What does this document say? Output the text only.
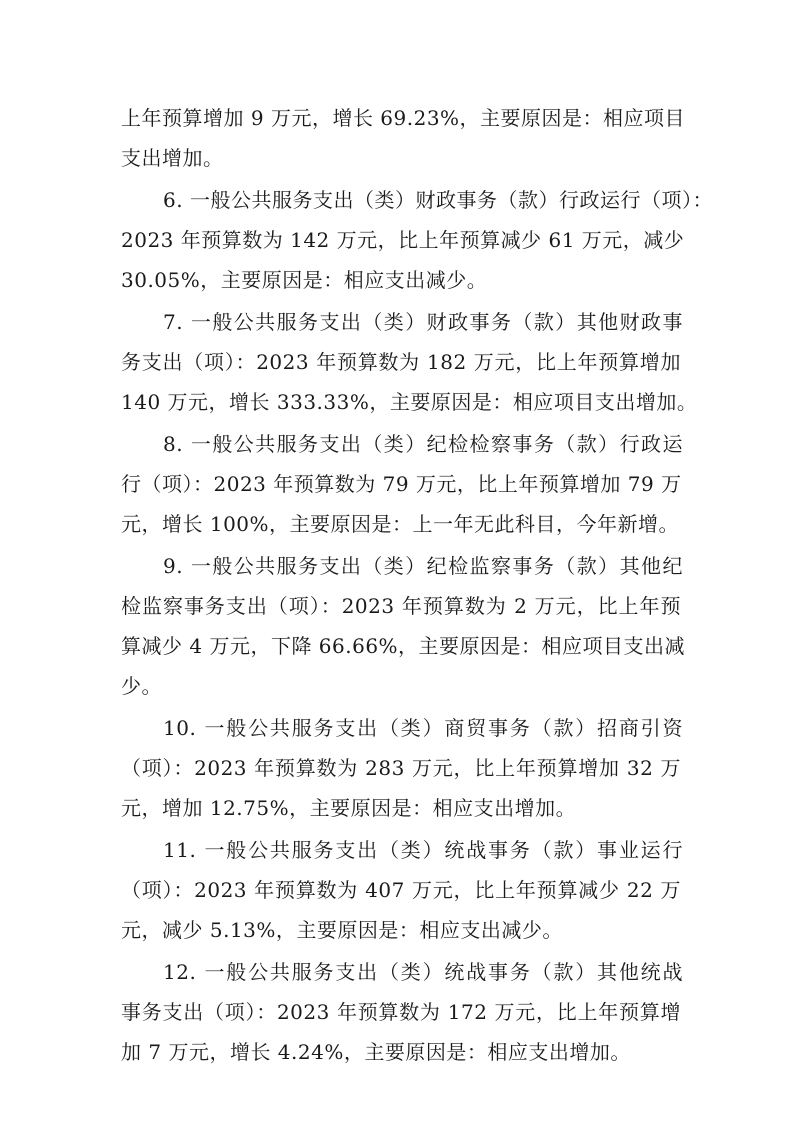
上年预算增加 9 万元，增长 69.23%，主要原因是：相应项目
支出增加。
6. 一般公共服务支出（类）财政事务（款）行政运行（项）：
2023 年预算数为 142 万元，比上年预算减少 61 万元，减少
30.05%，主要原因是：相应支出减少。
7. 一般公共服务支出（类）财政事务（款）其他财政事
务支出（项）：2023 年预算数为 182 万元，比上年预算增加
140 万元，增长 333.33%，主要原因是：相应项目支出增加。
8. 一般公共服务支出（类）纪检检察事务（款）行政运
行（项）：2023 年预算数为 79 万元，比上年预算增加 79 万
元，增长 100%，主要原因是：上一年无此科目，今年新增。
9. 一般公共服务支出（类）纪检监察事务（款）其他纪
检监察事务支出（项）：2023 年预算数为 2 万元，比上年预
算减少 4 万元，下降 66.66%，主要原因是：相应项目支出减
少。
10. 一般公共服务支出（类）商贸事务（款）招商引资
（项）：2023 年预算数为 283 万元，比上年预算增加 32 万
元，增加 12.75%，主要原因是：相应支出增加。
11. 一般公共服务支出（类）统战事务（款）事业运行
（项）：2023 年预算数为 407 万元，比上年预算减少 22 万
元，减少 5.13%，主要原因是：相应支出减少。
12. 一般公共服务支出（类）统战事务（款）其他统战
事务支出（项）：2023 年预算数为 172 万元，比上年预算增
加 7 万元，增长 4.24%，主要原因是：相应支出增加。
